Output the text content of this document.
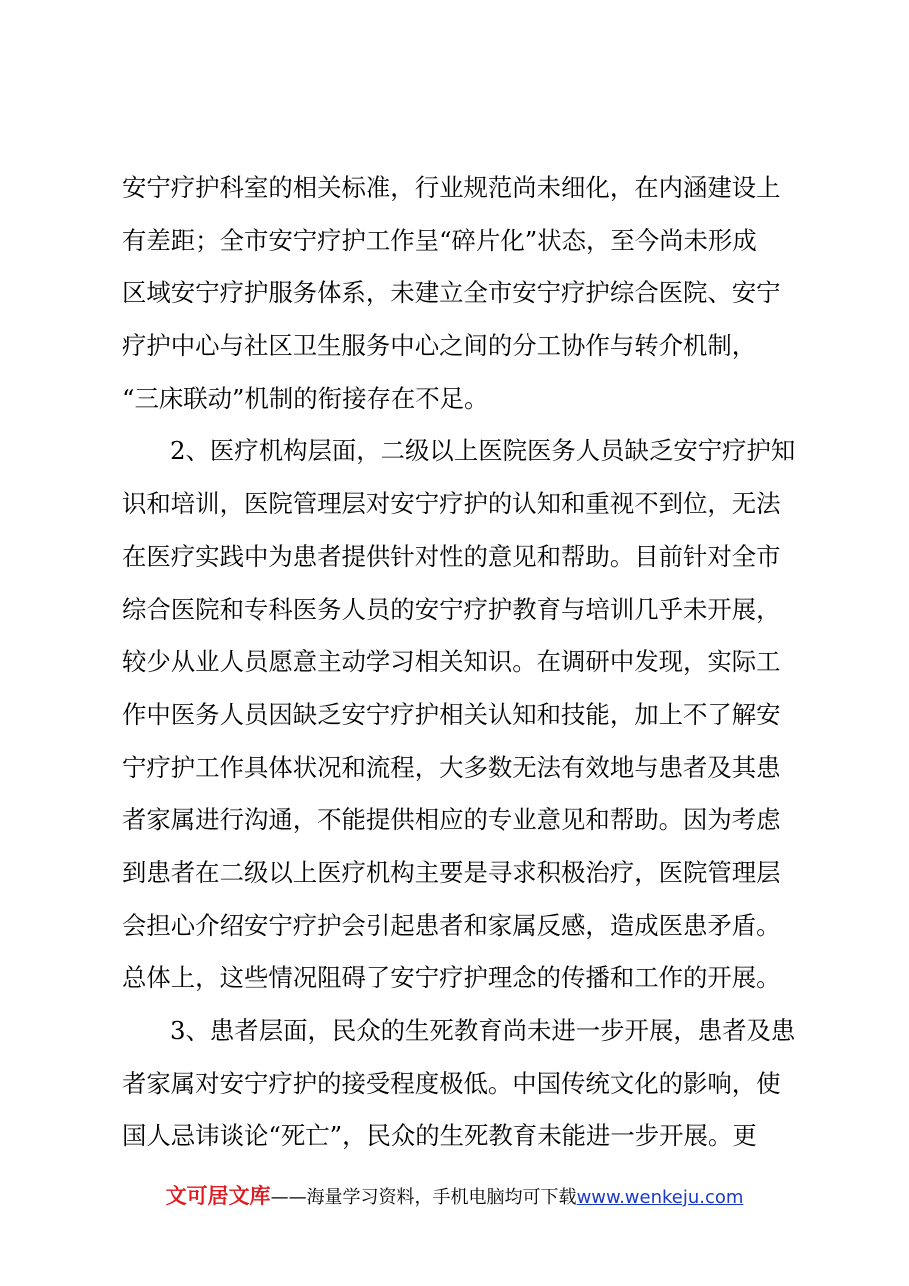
安宁疗护科室的相关标准，行业规范尚未细化，在内涵建设上
有差距；全市安宁疗护工作呈“碎片化”状态，至今尚未形成
区域安宁疗护服务体系，未建立全市安宁疗护综合医院、安宁
疗护中心与社区卫生服务中心之间的分工协作与转介机制，
“三床联动”机制的衔接存在不足。
2、医疗机构层面，二级以上医院医务人员缺乏安宁疗护知
识和培训，医院管理层对安宁疗护的认知和重视不到位，无法
在医疗实践中为患者提供针对性的意见和帮助。目前针对全市
综合医院和专科医务人员的安宁疗护教育与培训几乎未开展，
较少从业人员愿意主动学习相关知识。在调研中发现，实际工
作中医务人员因缺乏安宁疗护相关认知和技能，加上不了解安
宁疗护工作具体状况和流程，大多数无法有效地与患者及其患
者家属进行沟通，不能提供相应的专业意见和帮助。因为考虑
到患者在二级以上医疗机构主要是寻求积极治疗，医院管理层
会担心介绍安宁疗护会引起患者和家属反感，造成医患矛盾。
总体上，这些情况阻碍了安宁疗护理念的传播和工作的开展。
3、患者层面，民众的生死教育尚未进一步开展，患者及患
者家属对安宁疗护的接受程度极低。中国传统文化的影响，使
国人忌讳谈论“死亡”，民众的生死教育未能进一步开展。更
文可居文库——海量学习资料，手机电脑均可下载www.wenkeju.com
